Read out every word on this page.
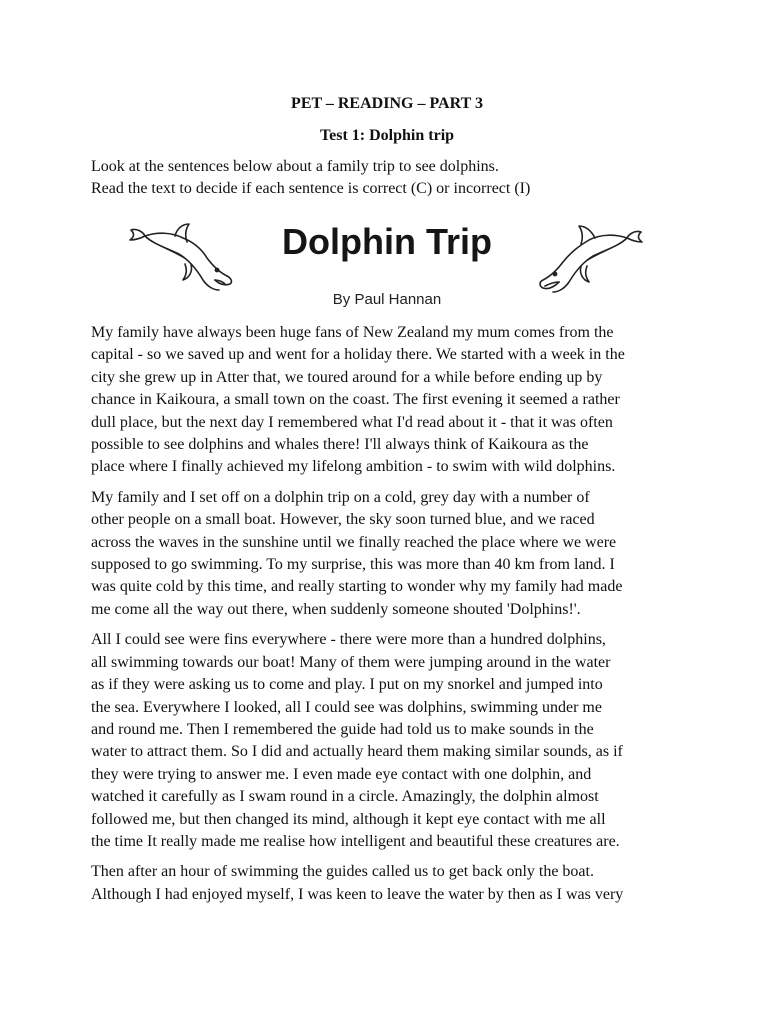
PET – READING – PART 3
Test 1: Dolphin trip
Look at the sentences below about a family trip to see dolphins.
Read the text to decide if each sentence is correct (C) or incorrect (I)
Dolphin Trip
By Paul Hannan

My family have always been huge fans of New Zealand my mum comes from the
capital - so we saved up and went for a holiday there. We started with a week in the
city she grew up in Atter that, we toured around for a while before ending up by
chance in Kaikoura, a small town on the coast. The first evening it seemed a rather
dull place, but the next day I remembered what I'd read about it - that it was often
possible to see dolphins and whales there! I'll always think of Kaikoura as the
place where I finally achieved my lifelong ambition - to swim with wild dolphins.

My family and I set off on a dolphin trip on a cold, grey day with a number of
other people on a small boat. However, the sky soon turned blue, and we raced
across the waves in the sunshine until we finally reached the place where we were
supposed to go swimming. To my surprise, this was more than 40 km from land. I
was quite cold by this time, and really starting to wonder why my family had made
me come all the way out there, when suddenly someone shouted 'Dolphins!'.

All I could see were fins everywhere - there were more than a hundred dolphins,
all swimming towards our boat! Many of them were jumping around in the water
as if they were asking us to come and play. I put on my snorkel and jumped into
the sea. Everywhere I looked, all I could see was dolphins, swimming under me
and round me. Then I remembered the guide had told us to make sounds in the
water to attract them. So I did and actually heard them making similar sounds, as if
they were trying to answer me. I even made eye contact with one dolphin, and
watched it carefully as I swam round in a circle. Amazingly, the dolphin almost
followed me, but then changed its mind, although it kept eye contact with me all
the time It really made me realise how intelligent and beautiful these creatures are.

Then after an hour of swimming the guides called us to get back only the boat.
Although I had enjoyed myself, I was keen to leave the water by then as I was very
